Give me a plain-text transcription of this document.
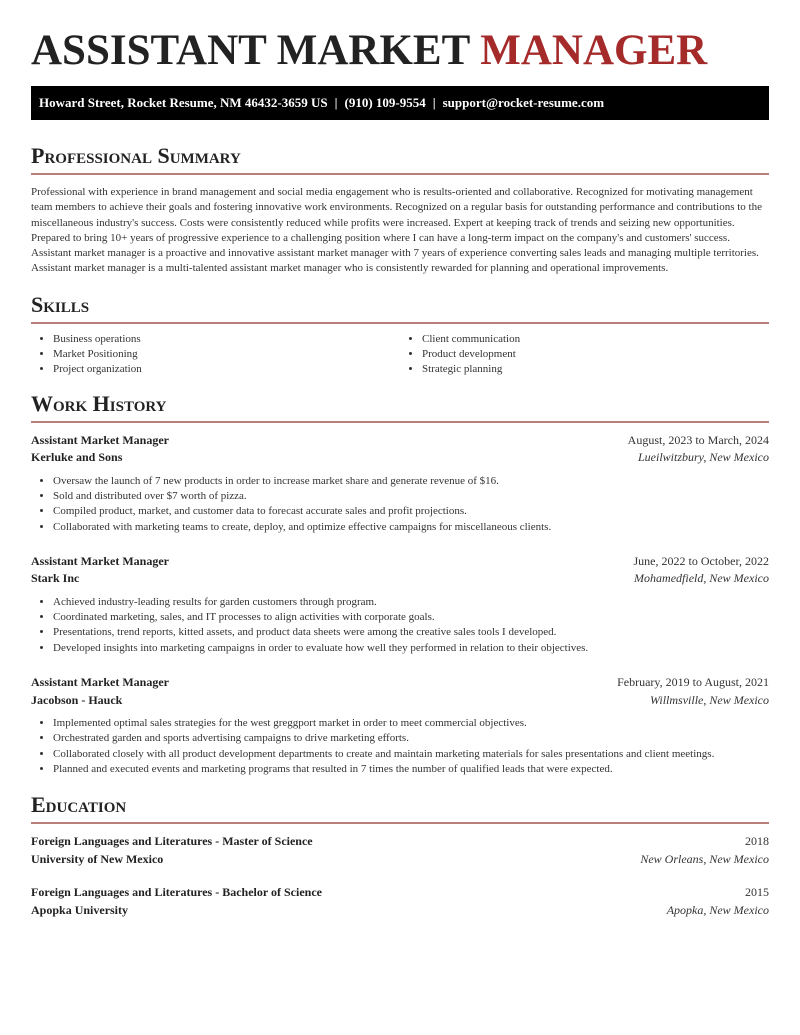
ASSISTANT MARKET MANAGER
Howard Street, Rocket Resume, NM 46432-3659 US | (910) 109-9554 | support@rocket-resume.com
Professional Summary

Professional with experience in brand management and social media engagement who is results-oriented and collaborative. Recognized for motivating management team members to achieve their goals and fostering innovative work environments. Recognized on a regular basis for outstanding performance and contributions to the miscellaneous industry's success. Costs were consistently reduced while profits were increased. Expert at keeping track of trends and seizing new opportunities. Prepared to bring 10+ years of progressive experience to a challenging position where I can have a long-term impact on the company's and customers' success. Assistant market manager is a proactive and innovative assistant market manager with 7 years of experience converting sales leads and managing multiple territories. Assistant market manager is a multi-talented assistant market manager who is consistently rewarded for planning and operational improvements.

Skills
• Business operations
• Market Positioning
• Project organization
• Client communication
• Product development
• Strategic planning
Work History
Assistant Market Manager	August, 2023 to March, 2024
Kerluke and Sons	Lueilwitzbury, New Mexico
• Oversaw the launch of 7 new products in order to increase market share and generate revenue of $16.
• Sold and distributed over $7 worth of pizza.
• Compiled product, market, and customer data to forecast accurate sales and profit projections.
• Collaborated with marketing teams to create, deploy, and optimize effective campaigns for miscellaneous clients.
Assistant Market Manager	June, 2022 to October, 2022
Stark Inc	Mohamedfield, New Mexico
• Achieved industry-leading results for garden customers through program.
• Coordinated marketing, sales, and IT processes to align activities with corporate goals.
• Presentations, trend reports, kitted assets, and product data sheets were among the creative sales tools I developed.
• Developed insights into marketing campaigns in order to evaluate how well they performed in relation to their objectives.
Assistant Market Manager	February, 2019 to August, 2021
Jacobson - Hauck	Willmsville, New Mexico
• Implemented optimal sales strategies for the west greggport market in order to meet commercial objectives.
• Orchestrated garden and sports advertising campaigns to drive marketing efforts.
• Collaborated closely with all product development departments to create and maintain marketing materials for sales presentations and client meetings.
• Planned and executed events and marketing programs that resulted in 7 times the number of qualified leads that were expected.
Education
Foreign Languages and Literatures - Master of Science	2018
University of New Mexico	New Orleans, New Mexico
Foreign Languages and Literatures - Bachelor of Science	2015
Apopka University	Apopka, New Mexico
